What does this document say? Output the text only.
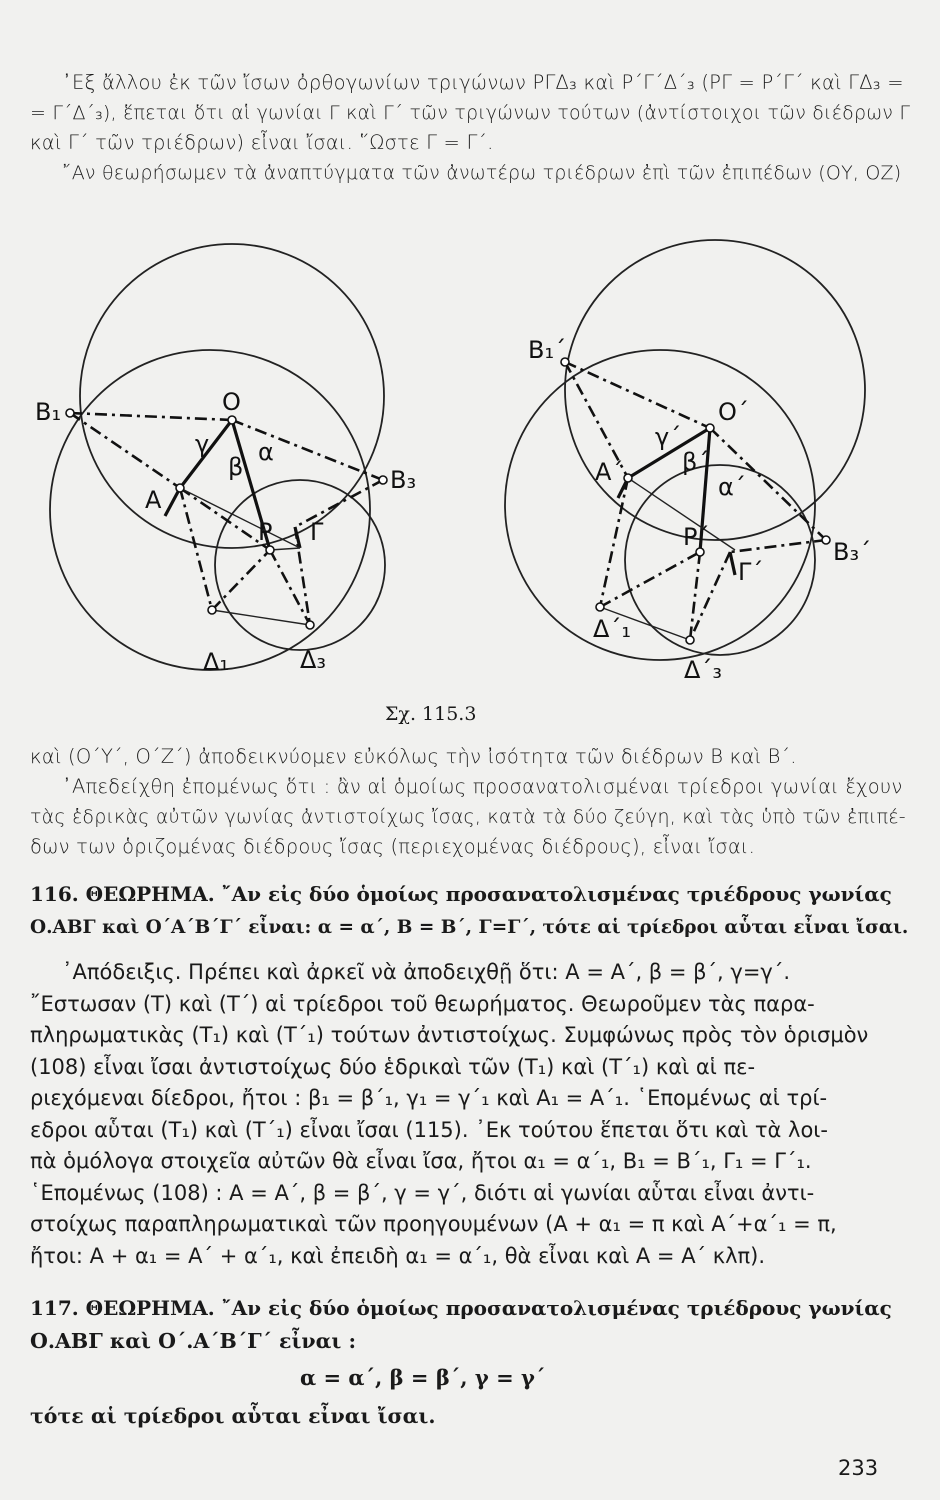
᾿Εξ ἄλλου ἐκ τῶν ἴσων ὀρθογωνίων τριγώνων ΡΓΔ₃ καὶ Ρ΄Γ΄Δ΄₃ (ΡΓ = Ρ΄Γ΄ καὶ ΓΔ₃ =
= Γ΄Δ΄₃), ἕπεται ὅτι αἱ γωνίαι Γ καὶ Γ΄ τῶν τριγώνων τούτων (ἀντίστοιχοι τῶν διέδρων Γ
καὶ Γ΄ τῶν τριέδρων) εἶναι ἴσαι. ῞Ωστε Γ = Γ΄.
῎Αν θεωρήσωμεν τὰ ἀναπτύγματα τῶν ἀνωτέρω τριέδρων ἐπὶ τῶν ἐπιπέδων (ΟΥ, ΟΖ)
B₁	O
γ
β
α
A
B₃
P Γ
Δ₁	Δ₃
B₁΄
O΄
γ΄
β΄
α΄
A΄
B₃΄
P΄
Γ΄
Δ΄₁
Δ΄₃
Σχ. 115.3
καὶ (Ο΄Υ΄, Ο΄Ζ΄) ἀποδεικνύομεν εὐκόλως τὴν ἰσότητα τῶν διέδρων Β καὶ Β΄.
᾿Απεδείχθη ἐπομένως ὅτι : ἂν αἱ ὁμοίως προσανατολισμέναι τρίεδροι γωνίαι ἔχουν
τὰς ἑδρικὰς αὐτῶν γωνίας ἀντιστοίχως ἴσας, κατὰ τὰ δύο ζεύγη, καὶ τὰς ὑπὸ τῶν ἐπιπέ-
δων των ὁριζομένας διέδρους ἴσας (περιεχομένας διέδρους), εἶναι ἴσαι.
116. ΘΕΩΡΗΜΑ. ῎Αν εἰς δύο ὁμοίως προσανατολισμένας τριέδρους γωνίας
Ο.ΑΒΓ καὶ Ο΄Α΄Β΄Γ΄ εἶναι: α = α΄, Β = Β΄, Γ=Γ΄, τότε αἱ τρίεδροι αὗται εἶναι ἴσαι.
᾿Απόδειξις. Πρέπει καὶ ἀρκεῖ νὰ ἀποδειχθῇ ὅτι: Α = Α΄, β = β΄, γ=γ΄.
῎Εστωσαν (Τ) καὶ (Τ΄) αἱ τρίεδροι τοῦ θεωρήματος. Θεωροῦμεν τὰς παρα-
πληρωματικὰς (Τ₁) καὶ (Τ΄₁) τούτων ἀντιστοίχως. Συμφώνως πρὸς τὸν ὁρισμὸν
(108) εἶναι ἴσαι ἀντιστοίχως δύο ἑδρικαὶ τῶν (Τ₁) καὶ (Τ΄₁) καὶ αἱ πε-
ριεχόμεναι δίεδροι, ἤτοι : β₁ = β΄₁, γ₁ = γ΄₁ καὶ Α₁ = Α΄₁. ῾Επομένως αἱ τρί-
εδροι αὗται (Τ₁) καὶ (Τ΄₁) εἶναι ἴσαι (115). ᾿Εκ τούτου ἕπεται ὅτι καὶ τὰ λοι-
πὰ ὁμόλογα στοιχεῖα αὐτῶν θὰ εἶναι ἴσα, ἤτοι α₁ = α΄₁, Β₁ = Β΄₁, Γ₁ = Γ΄₁.
῾Επομένως (108) : Α = Α΄, β = β΄, γ = γ΄, διότι αἱ γωνίαι αὗται εἶναι ἀντι-
στοίχως παραπληρωματικαὶ τῶν προηγουμένων (Α + α₁ = π καὶ Α΄+α΄₁ = π,
ἤτοι: Α + α₁ = Α΄ + α΄₁, καὶ ἐπειδὴ α₁ = α΄₁, θὰ εἶναι καὶ Α = Α΄ κλπ).
117. ΘΕΩΡΗΜΑ. ῎Αν εἰς δύο ὁμοίως προσανατολισμένας τριέδρους γωνίας
Ο.ΑΒΓ καὶ Ο΄.Α΄Β΄Γ΄ εἶναι :
α = α΄, β = β΄, γ = γ΄
τότε αἱ τρίεδροι αὗται εἶναι ἴσαι.
233
